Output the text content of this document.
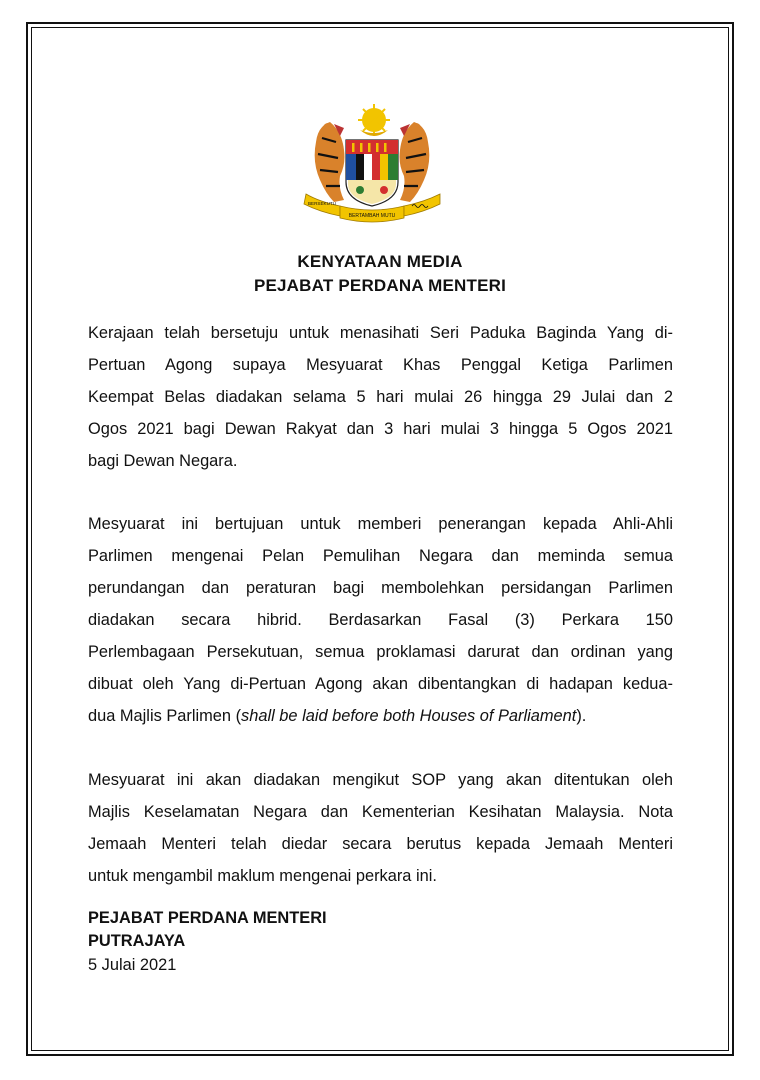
BERSEKUTU
BERTAMBAH MUTU
KENYATAAN MEDIA
PEJABAT PERDANA MENTERI
Kerajaan telah bersetuju untuk menasihati Seri Paduka Baginda Yang di-
Pertuan Agong supaya Mesyuarat Khas Penggal Ketiga Parlimen
Keempat Belas diadakan selama 5 hari mulai 26 hingga 29 Julai dan 2
Ogos 2021 bagi Dewan Rakyat dan 3 hari mulai 3 hingga 5 Ogos 2021
bagi Dewan Negara.
Mesyuarat ini bertujuan untuk memberi penerangan kepada Ahli-Ahli
Parlimen mengenai Pelan Pemulihan Negara dan meminda semua
perundangan dan peraturan bagi membolehkan persidangan Parlimen
diadakan secara hibrid. Berdasarkan Fasal (3) Perkara 150
Perlembagaan Persekutuan, semua proklamasi darurat dan ordinan yang
dibuat oleh Yang di-Pertuan Agong akan dibentangkan di hadapan kedua-
dua Majlis Parlimen (shall be laid before both Houses of Parliament).
Mesyuarat ini akan diadakan mengikut SOP yang akan ditentukan oleh
Majlis Keselamatan Negara dan Kementerian Kesihatan Malaysia. Nota
Jemaah Menteri telah diedar secara berutus kepada Jemaah Menteri
untuk mengambil maklum mengenai perkara ini.

PEJABAT PERDANA MENTERI

PUTRAJAYA

5 Julai 2021
